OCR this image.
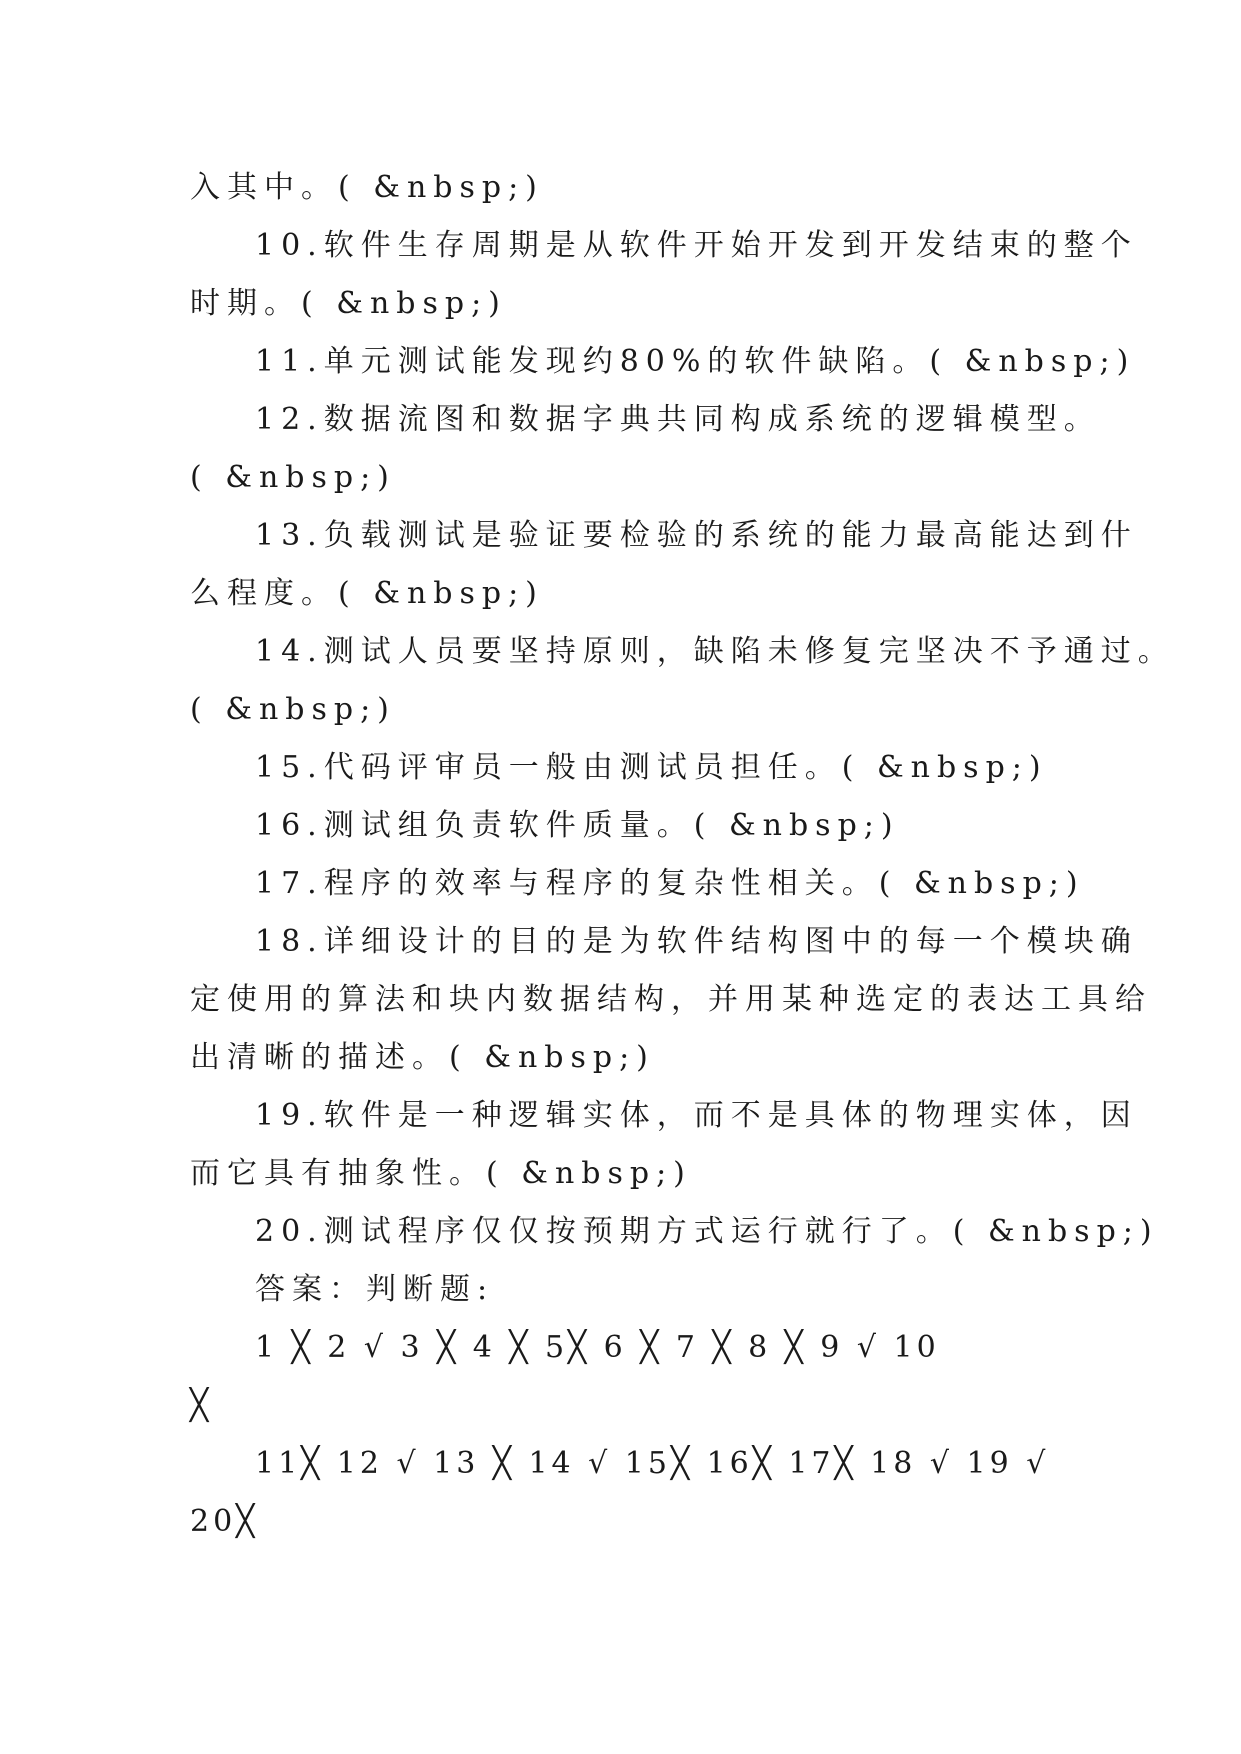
入其中。( &nbsp;)
10.软件生存周期是从软件开始开发到开发结束的整个
时期。( &nbsp;)
11.单元测试能发现约80%的软件缺陷。( &nbsp;)
12.数据流图和数据字典共同构成系统的逻辑模型。
( &nbsp;)
13.负载测试是验证要检验的系统的能力最高能达到什
么程度。( &nbsp;)
14.测试人员要坚持原则，缺陷未修复完坚决不予通过。
( &nbsp;)
15.代码评审员一般由测试员担任。( &nbsp;)
16.测试组负责软件质量。( &nbsp;)
17.程序的效率与程序的复杂性相关。( &nbsp;)
18.详细设计的目的是为软件结构图中的每一个模块确
定使用的算法和块内数据结构，并用某种选定的表达工具给
出清晰的描述。( &nbsp;)
19.软件是一种逻辑实体，而不是具体的物理实体，因
而它具有抽象性。( &nbsp;)
20.测试程序仅仅按预期方式运行就行了。( &nbsp;)
答案：判断题:
1 ╳ 2 √ 3 ╳ 4 ╳ 5╳ 6 ╳ 7 ╳ 8 ╳ 9 √ 10
╳
11╳ 12 √ 13 ╳ 14 √ 15╳ 16╳ 17╳ 18 √ 19 √
20╳
